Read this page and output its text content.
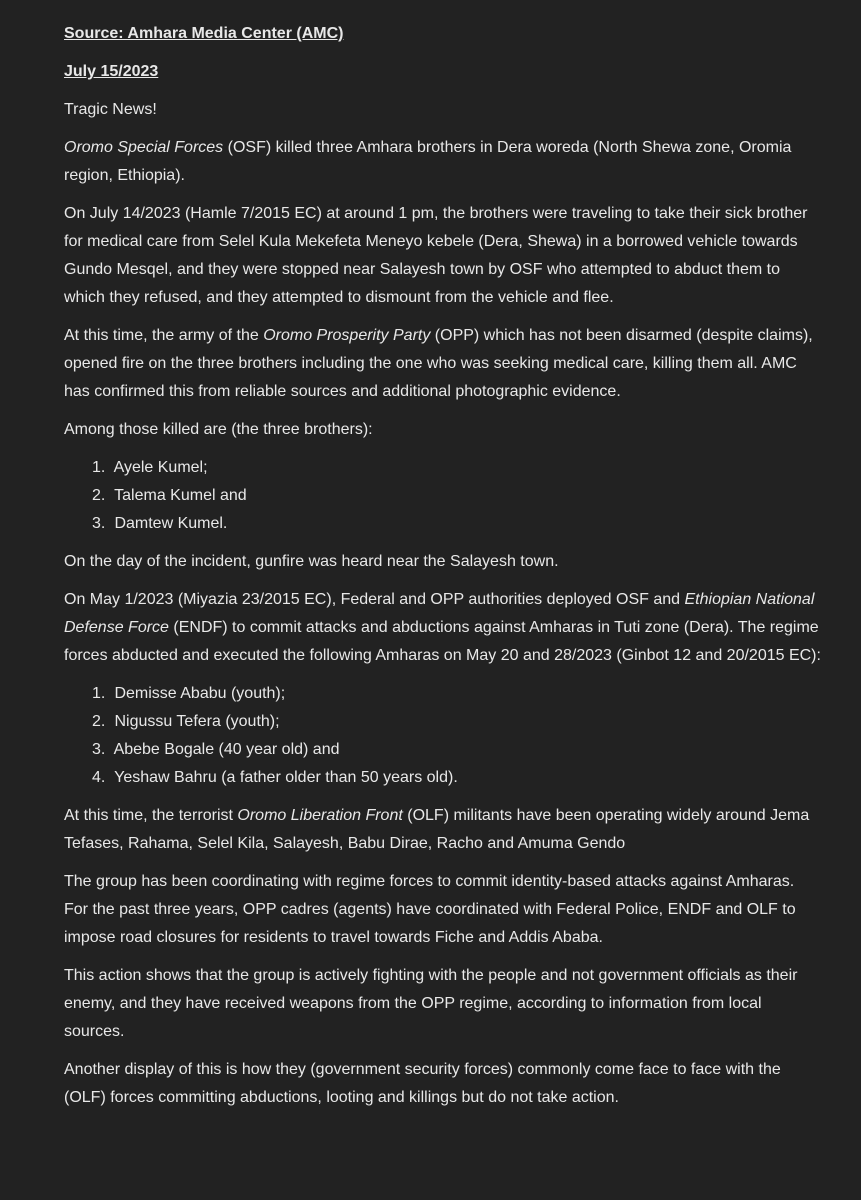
Source: Amhara Media Center (AMC)

July 15/2023

Tragic News!

Oromo Special Forces (OSF) killed three Amhara brothers in Dera woreda (North Shewa zone, Oromia region, Ethiopia).

On July 14/2023 (Hamle 7/2015 EC) at around 1 pm, the brothers were traveling to take their sick brother for medical care from Selel Kula Mekefeta Meneyo kebele (Dera, Shewa) in a borrowed vehicle towards Gundo Mesqel, and they were stopped near Salayesh town by OSF who attempted to abduct them to which they refused, and they attempted to dismount from the vehicle and flee.

At this time, the army of the Oromo Prosperity Party (OPP) which has not been disarmed (despite claims), opened fire on the three brothers including the one who was seeking medical care, killing them all. AMC has confirmed this from reliable sources and additional photographic evidence.

Among those killed are (the three brothers):

1. Ayele Kumel;
2. Talema Kumel and
3. Damtew Kumel.

On the day of the incident, gunfire was heard near the Salayesh town.

On May 1/2023 (Miyazia 23/2015 EC), Federal and OPP authorities deployed OSF and Ethiopian National Defense Force (ENDF) to commit attacks and abductions against Amharas in Tuti zone (Dera). The regime forces abducted and executed the following Amharas on May 20 and 28/2023 (Ginbot 12 and 20/2015 EC):

1. Demisse Ababu (youth);
2. Nigussu Tefera (youth);
3. Abebe Bogale (40 year old) and
4. Yeshaw Bahru (a father older than 50 years old).

At this time, the terrorist Oromo Liberation Front (OLF) militants have been operating widely around Jema Tefases, Rahama, Selel Kila, Salayesh, Babu Dirae, Racho and Amuma Gendo

The group has been coordinating with regime forces to commit identity-based attacks against Amharas. For the past three years, OPP cadres (agents) have coordinated with Federal Police, ENDF and OLF to impose road closures for residents to travel towards Fiche and Addis Ababa.

This action shows that the group is actively fighting with the people and not government officials as their enemy, and they have received weapons from the OPP regime, according to information from local sources.

Another display of this is how they (government security forces) commonly come face to face with the (OLF) forces committing abductions, looting and killings but do not take action.
